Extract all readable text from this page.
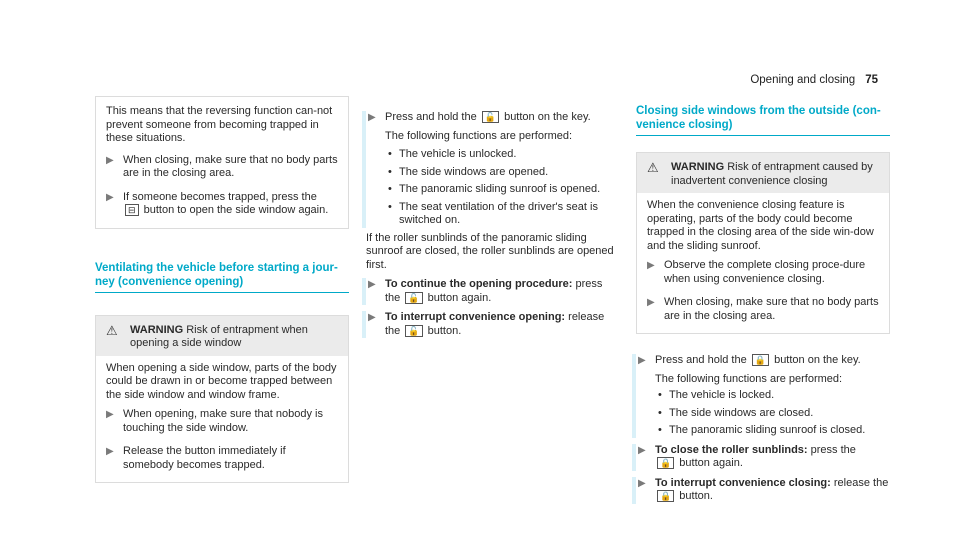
Opening and closing 75

This means that the reversing function can-not prevent someone from becoming trapped in these situations.

▶ When closing, make sure that no body parts are in the closing area.
▶ If someone becomes trapped, press the
⊟ button to open the side window again.
Ventilating the vehicle before starting a jour-ney (convenience opening)
⚠ WARNING Risk of entrapment when opening a side window

When opening a side window, parts of the body could be drawn in or become trapped between the side window and window frame.

▶ When opening, make sure that nobody is touching the side window.
▶ Release the button immediately if somebody becomes trapped.
▶ Press and hold the 🔓 button on the key.

The following functions are performed:

• The vehicle is unlocked.
• The side windows are opened.
• The panoramic sliding sunroof is opened.
• The seat ventilation of the driver's seat is switched on.

If the roller sunblinds of the panoramic sliding sunroof are closed, the roller sunblinds are opened first.

▶ To continue the opening procedure: press the 🔓 button again.
▶ To interrupt convenience opening: release the 🔓 button.
Closing side windows from the outside (con-venience closing)
⚠ WARNING Risk of entrapment caused by inadvertent convenience closing

When the convenience closing feature is operating, parts of the body could become trapped in the closing area of the side win-dow and the sliding sunroof.

▶ Observe the complete closing proce-dure when using convenience closing.
▶ When closing, make sure that no body parts are in the closing area.
▶ Press and hold the 🔒 button on the key.

The following functions are performed:

• The vehicle is locked.
• The side windows are closed.
• The panoramic sliding sunroof is closed.
▶ To close the roller sunblinds: press the
🔒 button again.
▶ To interrupt convenience closing: release the
🔒 button.
